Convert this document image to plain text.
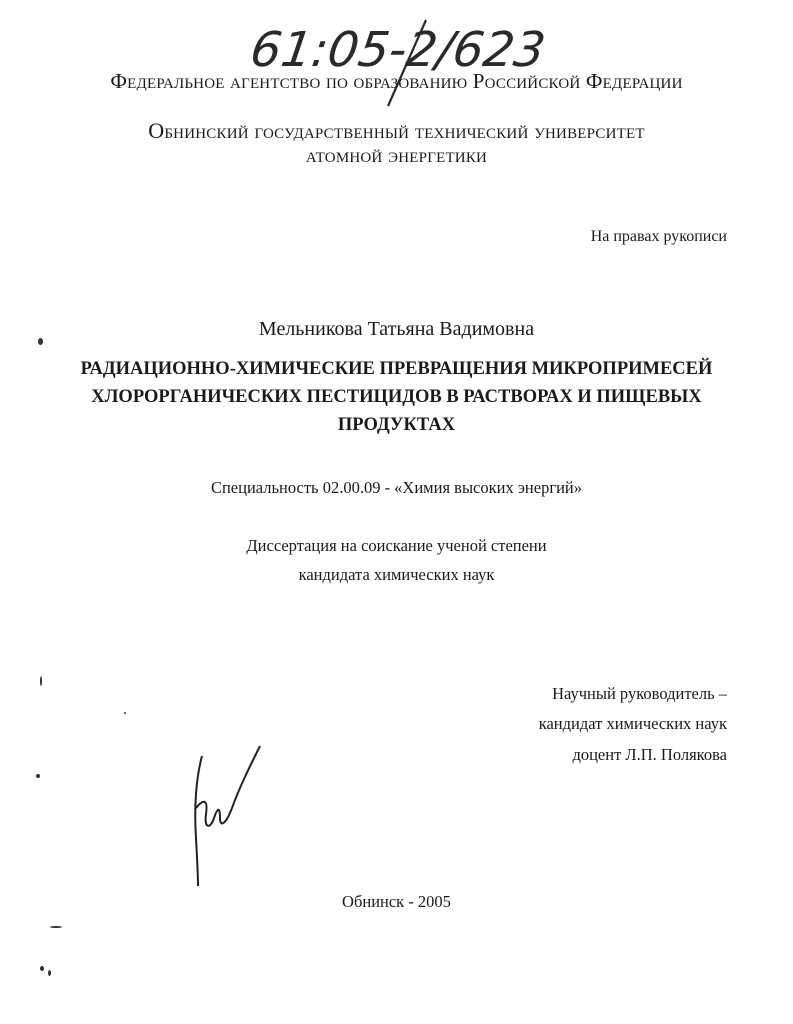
61:05-2/623
Федеральное агентство по образованию Российской Федерации
Обнинский государственный технический университет
атомной энергетики
На правах рукописи
Мельникова Татьяна Вадимовна
РАДИАЦИОННО-ХИМИЧЕСКИЕ ПРЕВРАЩЕНИЯ МИКРОПРИМЕСЕЙ
ХЛОРОРГАНИЧЕСКИХ ПЕСТИЦИДОВ В РАСТВОРАХ И ПИЩЕВЫХ
ПРОДУКТАХ
Специальность 02.00.09 - «Химия высоких энергий»
Диссертация на соискание ученой степени
кандидата химических наук
Научный руководитель –
кандидат химических наук
доцент Л.П. Полякова
Обнинск - 2005
